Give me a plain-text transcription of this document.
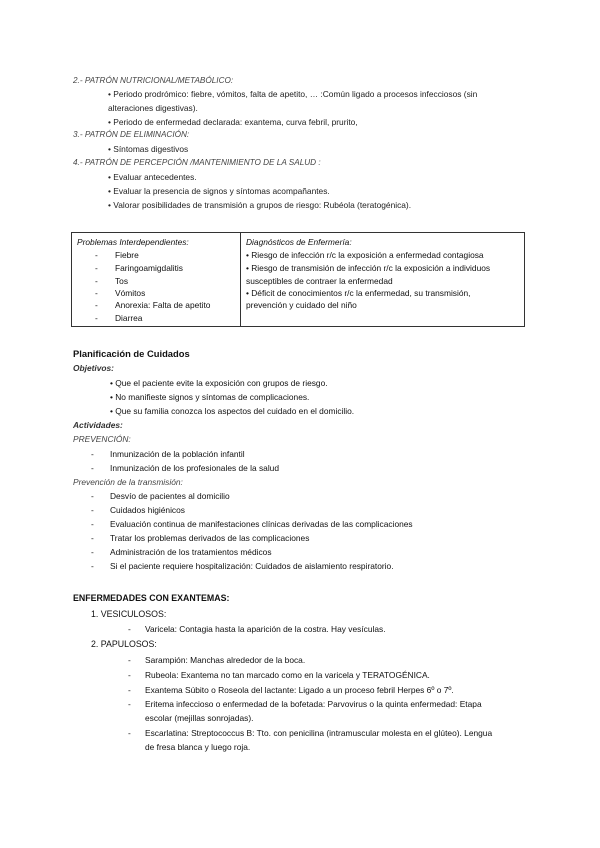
2.- PATRÓN NUTRICIONAL/METABÓLICO:
• Periodo prodrómico: fiebre, vómitos, falta de apetito, … :Común ligado a procesos infecciosos (sin
alteraciones digestivas).
• Periodo de enfermedad declarada: exantema, curva febril, prurito,
3.- PATRÓN DE ELIMINACIÓN:
• Síntomas digestivos
4.- PATRÓN DE PERCEPCIÓN /MANTENIMIENTO DE LA SALUD :
• Evaluar antecedentes.
• Evaluar la presencia de signos y síntomas acompañantes.
• Valorar posibilidades de transmisión a grupos de riesgo: Rubéola (teratogénica).
Problemas Interdependientes:
- Fiebre
- Faringoamigdalitis
- Tos
- Vómitos
- Anorexia: Falta de apetito
- Diarrea
Diagnósticos de Enfermería:
• Riesgo de infección r/c la exposición a enfermedad contagiosa
• Riesgo de transmisión de infección r/c la exposición a individuos
susceptibles de contraer la enfermedad
• Déficit de conocimientos r/c la enfermedad, su transmisión,
prevención y cuidado del niño
Planificación de Cuidados
Objetivos:
• Que el paciente evite la exposición con grupos de riesgo.
• No manifieste signos y síntomas de complicaciones.
• Que su familia conozca los aspectos del cuidado en el domicilio.
Actividades:
PREVENCIÓN:
- Inmunización de la población infantil
- Inmunización de los profesionales de la salud
Prevención de la transmisión:
- Desvío de pacientes al domicilio
- Cuidados higiénicos
- Evaluación continua de manifestaciones clínicas derivadas de las complicaciones
- Tratar los problemas derivados de las complicaciones
- Administración de los tratamientos médicos
- Si el paciente requiere hospitalización: Cuidados de aislamiento respiratorio.
ENFERMEDADES CON EXANTEMAS:
1. VESICULOSOS:
- Varicela: Contagia hasta la aparición de la costra. Hay vesículas.
2. PAPULOSOS:
- Sarampión: Manchas alrededor de la boca.
- Rubeola: Exantema no tan marcado como en la varicela y TERATOGÉNICA.
- Exantema Súbito o Roseola del lactante: Ligado a un proceso febril Herpes 6º o 7º.
- Eritema infeccioso o enfermedad de la bofetada: Parvovirus o la quinta enfermedad: Etapa
escolar (mejillas sonrojadas).
- Escarlatina: Streptococcus B: Tto. con penicilina (intramuscular molesta en el glúteo). Lengua
de fresa blanca y luego roja.
